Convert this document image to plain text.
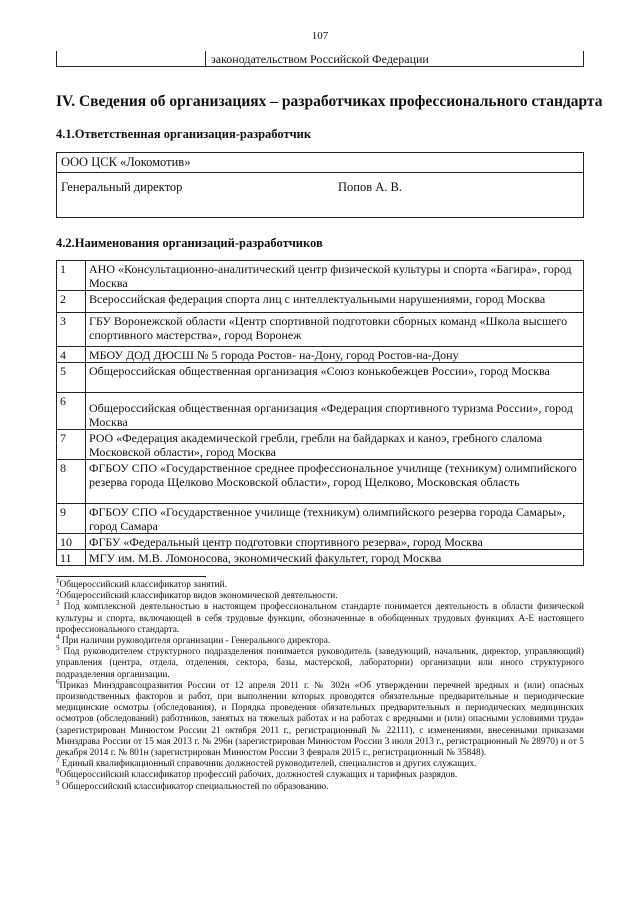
107
законодательством Российской Федерации
IV. Сведения об организациях – разработчиках профессионального стандарта
4.1.Ответственная организация-разработчик
ООО ЦСК «Локомотив»
Генеральный директор	Попов А. В.
4.2.Наименования организаций-разработчиков
1	АНО «Консультационно-аналитический центр физической культуры и спорта «Багира», город Москва
2	Всероссийская федерация спорта лиц с интеллектуальными нарушениями, город Москва
3	ГБУ Воронежской области «Центр спортивной подготовки сборных команд «Школа высшего спортивного мастерства», город Воронеж
4	МБОУ ДОД ДЮСШ № 5 города Ростов- на-Дону, город Ростов-на-Дону
5	Общероссийская общественная организация «Союз конькобежцев России», город Москва
6	Общероссийская общественная организация «Федерация спортивного туризма России», город Москва
7	РОО «Федерация академической гребли, гребли на байдарках и каноэ, гребного слалома Московской области», город Москва
8	ФГБОУ СПО «Государственное среднее профессиональное училище (техникум) олимпийского резерва города Щелково Московской области», город Щелково, Московская область
9	ФГБОУ СПО «Государственное училище (техникум) олимпийского резерва города Самары», город Самара
10	ФГБУ «Федеральный центр подготовки спортивного резерва», город Москва
11	МГУ им. М.В. Ломоносова, экономический факультет, город Москва
$^1$Общероссийский классификатор занятий.
$^2$Общероссийский классификатор видов экономической деятельности.
$^3$ Под комплексной деятельностью в настоящем профессиональном стандарте понимается деятельность в области физической культуры и спорта, включающей в себя трудовые функции, обозначенные в обобщенных трудовых функциях А-Е настоящего профессионального стандарта.
$^4$ При наличии руководителя организации - Генерального директора.
$^5$ Под руководителем структурного подразделения понимается руководитель (заведующий, начальник, директор, управляющий) управления (центра, отдела, отделения, сектора, базы, мастерской, лаборатории) организации или иного структурного подразделения организации.
$^6$Приказ Минздравсоцразвития России от 12 апреля 2011 г. № 302н «Об утверждении перечней вредных и (или) опасных производственных факторов и работ, при выполнении которых проводятся обязательные предварительные и периодические медицинские осмотры (обследования), и Порядка проведения обязательных предварительных и периодических медицинских осмотров (обследований) работников, занятых на тяжелых работах и на работах с вредными и (или) опасными условиями труда» (зарегистрирован Минюстом России 21 октября 2011 г., регистрационный № 22111), с изменениями, внесенными приказами Минздрава России от 15 мая 2013 г. № 296н (зарегистрирован Минюстом России 3 июля 2013 г., регистрационный № 28970) и от 5 декабря 2014 г. № 801н (зарегистрирован Минюстом России 3 февраля 2015 г., регистрационный № 35848).
$^7$ Единый квалификационный справочник должностей руководителей, специалистов и других служащих.
$^8$Общероссийский классификатор профессий рабочих, должностей служащих и тарифных разрядов.
$^9$ Общероссийский классификатор специальностей по образованию.
